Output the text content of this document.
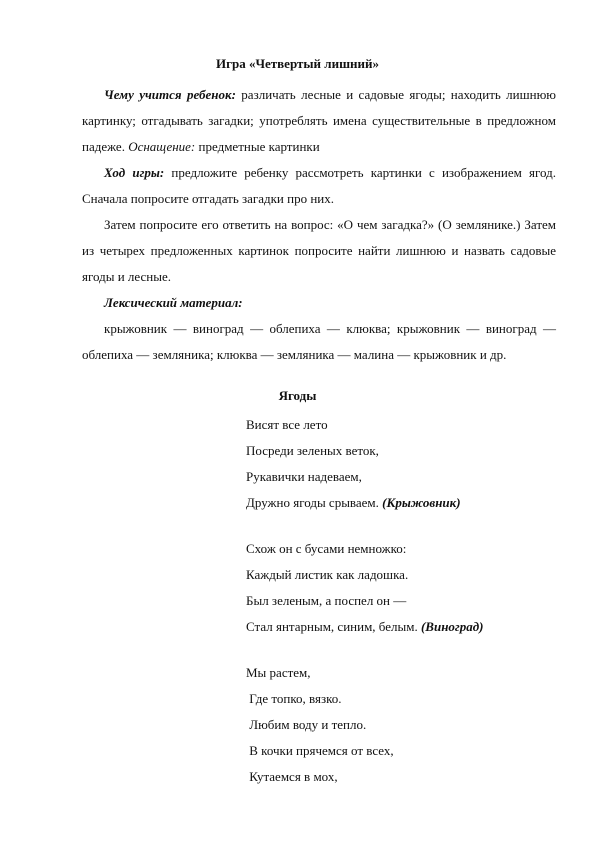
Игра «Четвертый лишний»
Чему учится ребенок: различать лесные и садовые ягоды; находить лишнюю картинку; отгадывать загадки; употреблять имена существительные в предложном падеже. Оснащение: предметные картинки
Ход игры: предложите ребенку рассмотреть картинки с изображением ягод. Сначала попросите отгадать загадки про них.
Затем попросите его ответить на вопрос: «О чем загадка?» (О землянике.) Затем из четырех предложенных картинок попросите найти лишнюю и назвать садовые ягоды и лесные.
Лексический материал:
крыжовник — виноград — облепиха — клюква; крыжовник — виноград — облепиха — земляника; клюква — земляника — малина — крыжовник и др.
Ягоды
Висят все лето
Посреди зеленых веток,
Рукавички надеваем,
Дружно ягоды срываем. (Крыжовник)
Схож он с бусами немножко:
Каждый листик как ладошка.
Был зеленым, а поспел он —
Стал янтарным, синим, белым. (Виноград)
Мы растем,
Где топко, вязко.
Любим воду и тепло.
В кочки прячемся от всех,
Кутаемся в мох,
